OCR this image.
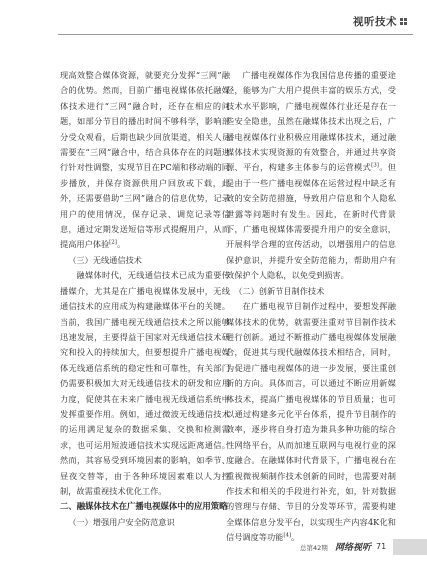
视听技术

现高效整合媒体资源，就要充分发挥“三网”融合的优势。然而，目前广播电视媒体依托融媒体技术进行“三网”融合时，还存在相应的问题，如部分节目的播出时间不够科学，影响部分受众观看，后期也缺少回放渠道，相关人员需要在“三网”融合中，结合具体存在的问题进行针对性调整，实现节目在PC端和移动端的同步播放，并保存资源供用户回放或下载，此外，还需要借助“三网”融合的信息优势，记录用户的使用情况，保存记录、调览记录等信息，通过定期发送短信等形式提醒用户，从而提高用户体验[2]。

（三）无线通信技术

融媒体时代，无线通信技术已成为重要传播媒介，尤其是在广播电视媒体发展中，无线通信技术的应用成为构建融媒体平台的关键。当前，我国广播电视无线通信技术之所以能够迅速发展，主要得益于国家对无线通信技术研究和投入的持续加大，但要想提升广播电视媒体无线通信系统的稳定性和可靠性，有关部门仍需要积极加大对无线通信技术的研发和应用力度，促使其在未来广播电视无线通信系统中发挥重要作用。例如，通过微波无线通信技术的运用满足复杂的数据采集、交换和检测需求，也可运用短波通信技术实现远距离通信。然而，其容易受到环境因素的影响，如季节、昼夜交替等，由于各种环境因素难以人为控制，故需重视技术优化工作。

二、融媒体技术在广播电视媒体中的应用策略

（一）增强用户安全防范意识

广播电视媒体作为我国信息传播的重要途径，能够为广大用户提供丰富的娱乐方式，受技术水平影响，广播电视媒体行业还是存在一些安全隐患，虽然在融媒体技术出现之后，广播电视媒体行业积极应用融媒体技术，通过融媒体技术实现资源的有效整合，并通过共享资源、平台，构建多主体参与的运营模式[3]。但是由于一些广播电视媒体在运营过程中缺乏有效的安全防范措施，导致用户信息和个人隐私泄露等问题时有发生。因此，在新时代背景下，广播电视媒体需要提升用户的安全意识，开展科学合理的宣传活动，以增强用户的信息保护意识，并提升安全防范能力，帮助用户有效保护个人隐私，以免受到损害。

（二）创新节目制作技术

在广播电视节目制作过程中，要想发挥融媒体技术的优势，就需要注重对节目制作技术进行创新。通过不断推动广播电视媒体发展融合，促进其与现代融媒体技术相结合，同时，为促进广播电视媒体的进一步发展，要注重创新的方向。具体而言，可以通过不断应用新媒体技术，提高广播电视媒体的节目质量；也可以通过构建多元化平台体系，提升节目制作的效率，逐步将自身打造为兼具多种功能的综合性网络平台，从而加速互联网与电视行业的深度融合。在融媒体时代背景下，广播电视台在重视微视频制作技术创新的同时，也需要对制作技术和相关的手段进行补充，如，针对数据的管理与存储、节目的分发等环节，需要构建全媒体信息分发平台，以实现生产内容4K化和信号调度等功能[4]。

总第42期 网络视听 71
